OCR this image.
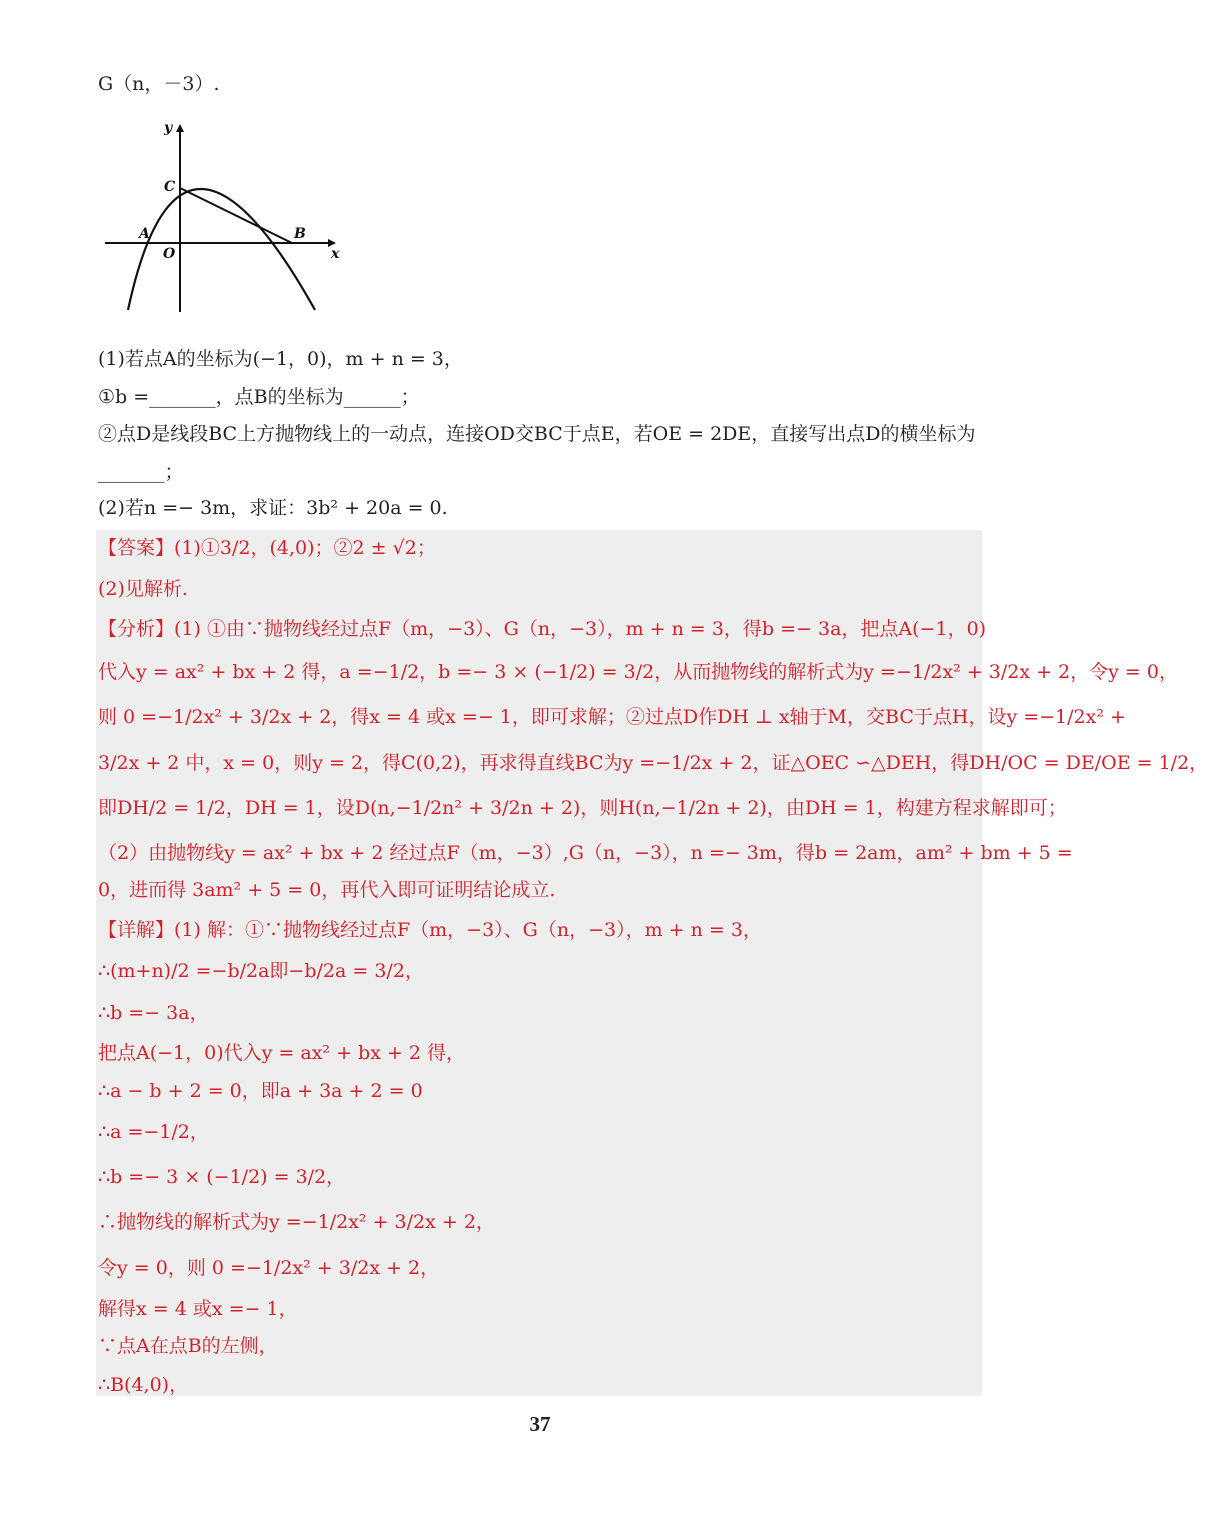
G（n，－3）.
y
x
C
A
O
B
(1)若点A的坐标为(−1，0)，m + n = 3，
①b =_______，点B的坐标为______；
②点D是线段BC上方抛物线上的一动点，连接OD交BC于点E，若OE = 2DE，直接写出点D的横坐标为
_______；
(2)若n =− 3m，求证：3b² + 20a = 0.
【答案】(1)①3/2，(4,0)；②2 ± √2；
(2)见解析.
【分析】(1) ①由∵抛物线经过点F（m，−3）、G（n，−3），m + n = 3，得b =− 3a，把点A(−1，0)
代入y = ax² + bx + 2 得，a =−1/2，b =− 3 × (−1/2) = 3/2，从而抛物线的解析式为y =−1/2x² + 3/2x + 2，令y = 0，
则 0 =−1/2x² + 3/2x + 2，得x = 4 或x =− 1，即可求解；②过点D作DH ⊥ x轴于M，交BC于点H，设y =−1/2x² +
3/2x + 2 中，x = 0，则y = 2，得C(0,2)，再求得直线BC为y =−1/2x + 2，证△OEC ∽△DEH，得DH/OC = DE/OE = 1/2，
即DH/2 = 1/2，DH = 1，设D(n,−1/2n² + 3/2n + 2)，则H(n,−1/2n + 2)，由DH = 1，构建方程求解即可；
（2）由抛物线y = ax² + bx + 2 经过点F（m，−3）,G（n，−3），n =− 3m，得b = 2am，am² + bm + 5 =
0，进而得 3am² + 5 = 0，再代入即可证明结论成立.
【详解】(1) 解：①∵抛物线经过点F（m，−3）、G（n，−3），m + n = 3，
∴(m+n)/2 =−b/2a即−b/2a = 3/2，
∴b =− 3a，
把点A(−1，0)代入y = ax² + bx + 2 得，
∴a − b + 2 = 0，即a + 3a + 2 = 0
∴a =−1/2，
∴b =− 3 × (−1/2) = 3/2，
∴抛物线的解析式为y =−1/2x² + 3/2x + 2，
令y = 0，则 0 =−1/2x² + 3/2x + 2，
解得x = 4 或x =− 1，
∵点A在点B的左侧，
∴B(4,0)，
37
